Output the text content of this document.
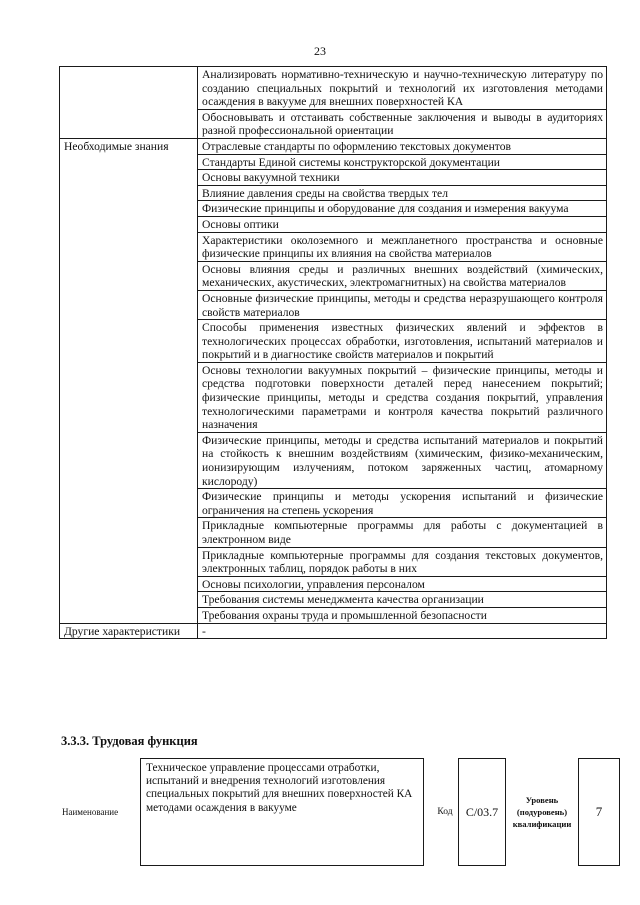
23
	Анализировать нормативно-техническую и научно-техническую литературу по созданию специальных покрытий и технологий их изготовления методами осаждения в вакууме для внешних поверхностей КА
	Обосновывать и отстаивать собственные заключения и выводы в аудиториях разной профессиональной ориентации
Необходимые знания	Отраслевые стандарты по оформлению текстовых документов
	Стандарты Единой системы конструкторской документации
	Основы вакуумной техники
	Влияние давления среды на свойства твердых тел
	Физические принципы и оборудование для создания и измерения вакуума
	Основы оптики
	Характеристики околоземного и межпланетного пространства и основные физические принципы их влияния на свойства материалов
	Основы влияния среды и различных внешних воздействий (химических, механических, акустических, электромагнитных) на свойства материалов
	Основные физические принципы, методы и средства неразрушающего контроля свойств материалов
	Способы применения известных физических явлений и эффектов в технологических процессах обработки, изготовления, испытаний материалов и покрытий и в диагностике свойств материалов и покрытий
	Основы технологии вакуумных покрытий – физические принципы, методы и средства подготовки поверхности деталей перед нанесением покрытий; физические принципы, методы и средства создания покрытий, управления технологическими параметрами и контроля качества покрытий различного назначения
	Физические принципы, методы и средства испытаний материалов и покрытий на стойкость к внешним воздействиям (химическим, физико-механическим, ионизирующим излучениям, потоком заряженных частиц, атомарному кислороду)
	Физические принципы и методы ускорения испытаний и физические ограничения на степень ускорения
	Прикладные компьютерные программы для работы с документацией в электронном виде
	Прикладные компьютерные программы для создания текстовых документов, электронных таблиц, порядок работы в них
	Основы психологии, управления персоналом
	Требования системы менеджмента качества организации
	Требования охраны труда и промышленной безопасности
Другие характеристики	-
3.3.3. Трудовая функция
Наименование	Техническое управление процессами отработки, испытаний и внедрения технологий изготовления специальных покрытий для внешних поверхностей КА методами осаждения в вакууме		Код	С/03.7	Уровень (подуровень) квалификации	7
